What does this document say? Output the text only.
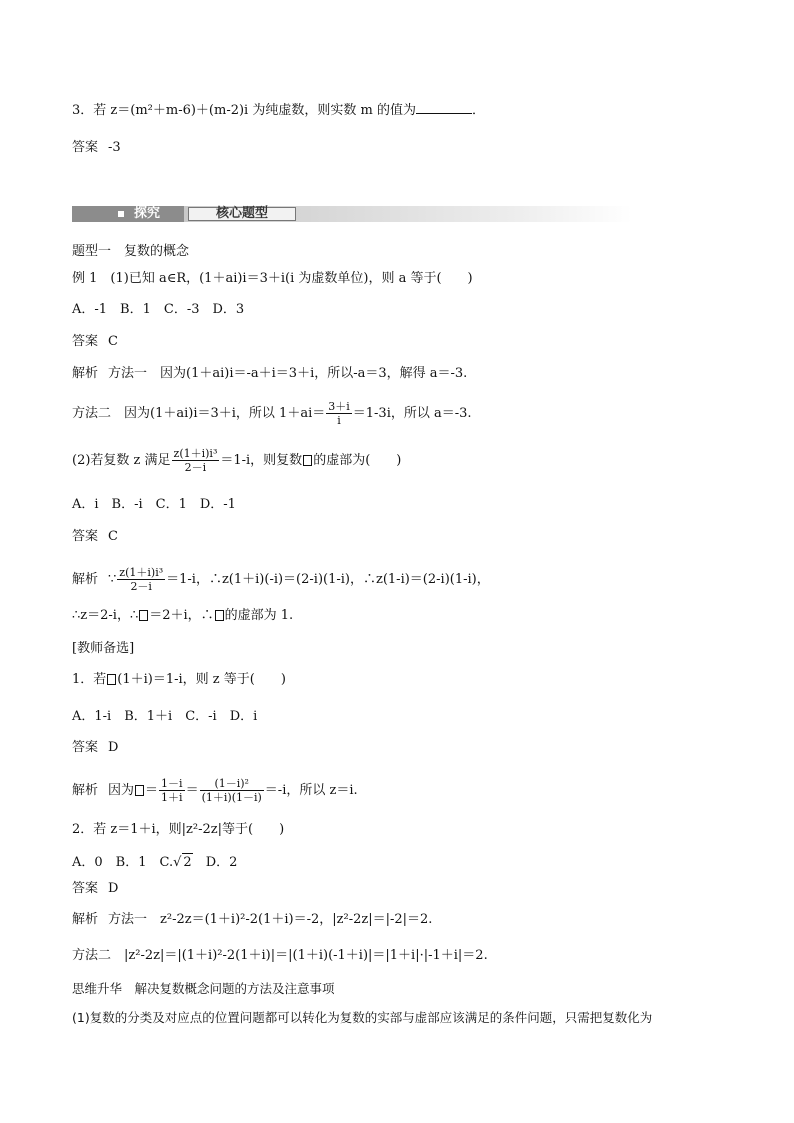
3．若 z＝(m²＋m-6)＋(m-2)i 为纯虚数，则实数 m 的值为	．
答案 -3
探究	核心题型
题型一　复数的概念
例 1　(1)已知 a∈R，(1＋ai)i＝3＋i(i 为虚数单位)，则 a 等于(　　)
A．-1　B．1　C．-3　D．3
答案 C
解析 方法一　因为(1＋ai)i＝-a＋i＝3＋i，所以-a＝3，解得 a＝-3.
方法二　因为(1＋ai)i＝3＋i，所以 $1+ai= \frac{3+i}{i} =1-3i$，所以 a＝-3.
(2)若复数 z 满足 $\frac{\text{z(1＋i)i³}}{2-i} =1-i$，则复数 的虚部为(　　)
A．i　B．-i　C．1　D．-1
答案 C
解析 ∵ $\frac{\text{z(1＋i)i³}}{2-i} =1-i$，∴z(1＋i)(-i)＝(2-i)(1-i)，∴z(1-i)＝(2-i)(1-i)，
∴z＝2-i，∴ ＝2＋i，∴ 的虚部为 1.
[教师备选]
1．若 (1＋i)＝1-i，则 z 等于(　　)
A．1-i　B．1＋i　C．-i　D．i
答案 D
解析 因为 ＝ $\frac{1-i}{1+i} = \frac{\text{(1－i)²}}{(1+i)(1-i)} =-i$，所以 z＝i.
2．若 z＝1＋i，则|z²-2z|等于(　　)
A．0　B．1　C.√ 2　D．2
答案 D
解析 方法一　z²-2z＝(1＋i)²-2(1＋i)＝-2，|z²-2z|＝|-2|＝2.
方法二　|z²-2z|＝|(1＋i)²-2(1＋i)|＝|(1＋i)(-1＋i)|＝|1＋i|·|-1＋i|＝2.
思维升华　解决复数概念问题的方法及注意事项
(1)复数的分类及对应点的位置问题都可以转化为复数的实部与虚部应该满足的条件问题，只需把复数化为
